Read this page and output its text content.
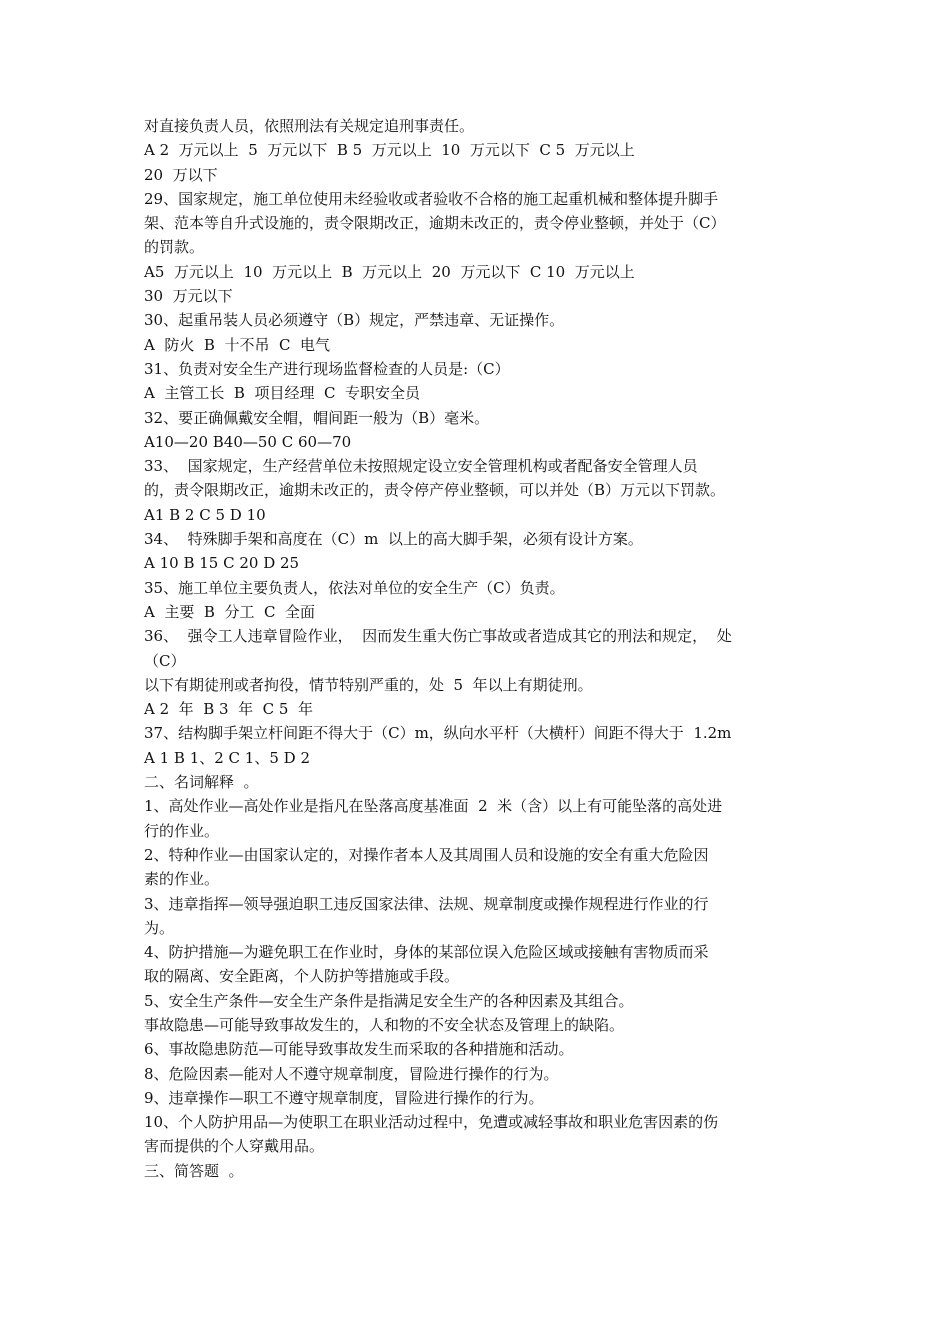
对直接负责人员，依照刑法有关规定追刑事责任。
A 2  万元以上  5  万元以下  B 5  万元以上  10  万元以下  C 5  万元以上
20  万以下
29、国家规定，施工单位使用未经验收或者验收不合格的施工起重机械和整体提升脚手
架、范本等自升式设施的，责令限期改正，逾期未改正的，责令停业整顿，并处于（C）
的罚款。
A5  万元以上  10  万元以上  B  万元以上  20  万元以下  C 10  万元以上
30  万元以下
30、起重吊装人员必须遵守（B）规定，严禁违章、无证操作。
A  防火  B  十不吊  C  电气
31、负责对安全生产进行现场监督检查的人员是:（C）
A  主管工长  B  项目经理  C  专职安全员
32、要正确佩戴安全帽，帽间距一般为（B）毫米。
A10—20 B40—50 C 60—70
33、  国家规定，生产经营单位未按照规定设立安全管理机构或者配备安全管理人员
的，责令限期改正，逾期未改正的，责令停产停业整顿，可以并处（B）万元以下罚款。
A1 B 2 C 5 D 10
34、  特殊脚手架和高度在（C）m  以上的高大脚手架，必须有设计方案。
A 10 B 15 C 20 D 25
35、施工单位主要负责人，依法对单位的安全生产（C）负责。
A  主要  B  分工  C  全面
36、  强令工人违章冒险作业，  因而发生重大伤亡事故或者造成其它的刑法和规定，  处
（C）
以下有期徒刑或者拘役，情节特别严重的，处  5  年以上有期徒刑。
A 2  年  B 3  年  C 5  年
37、结构脚手架立杆间距不得大于（C）m，纵向水平杆（大横杆）间距不得大于  1.2m
A 1 B 1、2 C 1、5 D 2
二、名词解释  。
1、高处作业—高处作业是指凡在坠落高度基准面  2  米（含）以上有可能坠落的高处进
行的作业。
2、特种作业—由国家认定的，对操作者本人及其周围人员和设施的安全有重大危险因
素的作业。
3、违章指挥—领导强迫职工违反国家法律、法规、规章制度或操作规程进行作业的行
为。
4、防护措施—为避免职工在作业时，身体的某部位误入危险区域或接触有害物质而采
取的隔离、安全距离，个人防护等措施或手段。
5、安全生产条件—安全生产条件是指满足安全生产的各种因素及其组合。
事故隐患—可能导致事故发生的，人和物的不安全状态及管理上的缺陷。
6、事故隐患防范—可能导致事故发生而采取的各种措施和活动。
8、危险因素—能对人不遵守规章制度，冒险进行操作的行为。
9、违章操作—职工不遵守规章制度，冒险进行操作的行为。
10、个人防护用品—为使职工在职业活动过程中，免遭或减轻事故和职业危害因素的伤
害而提供的个人穿戴用品。
三、简答题  。
